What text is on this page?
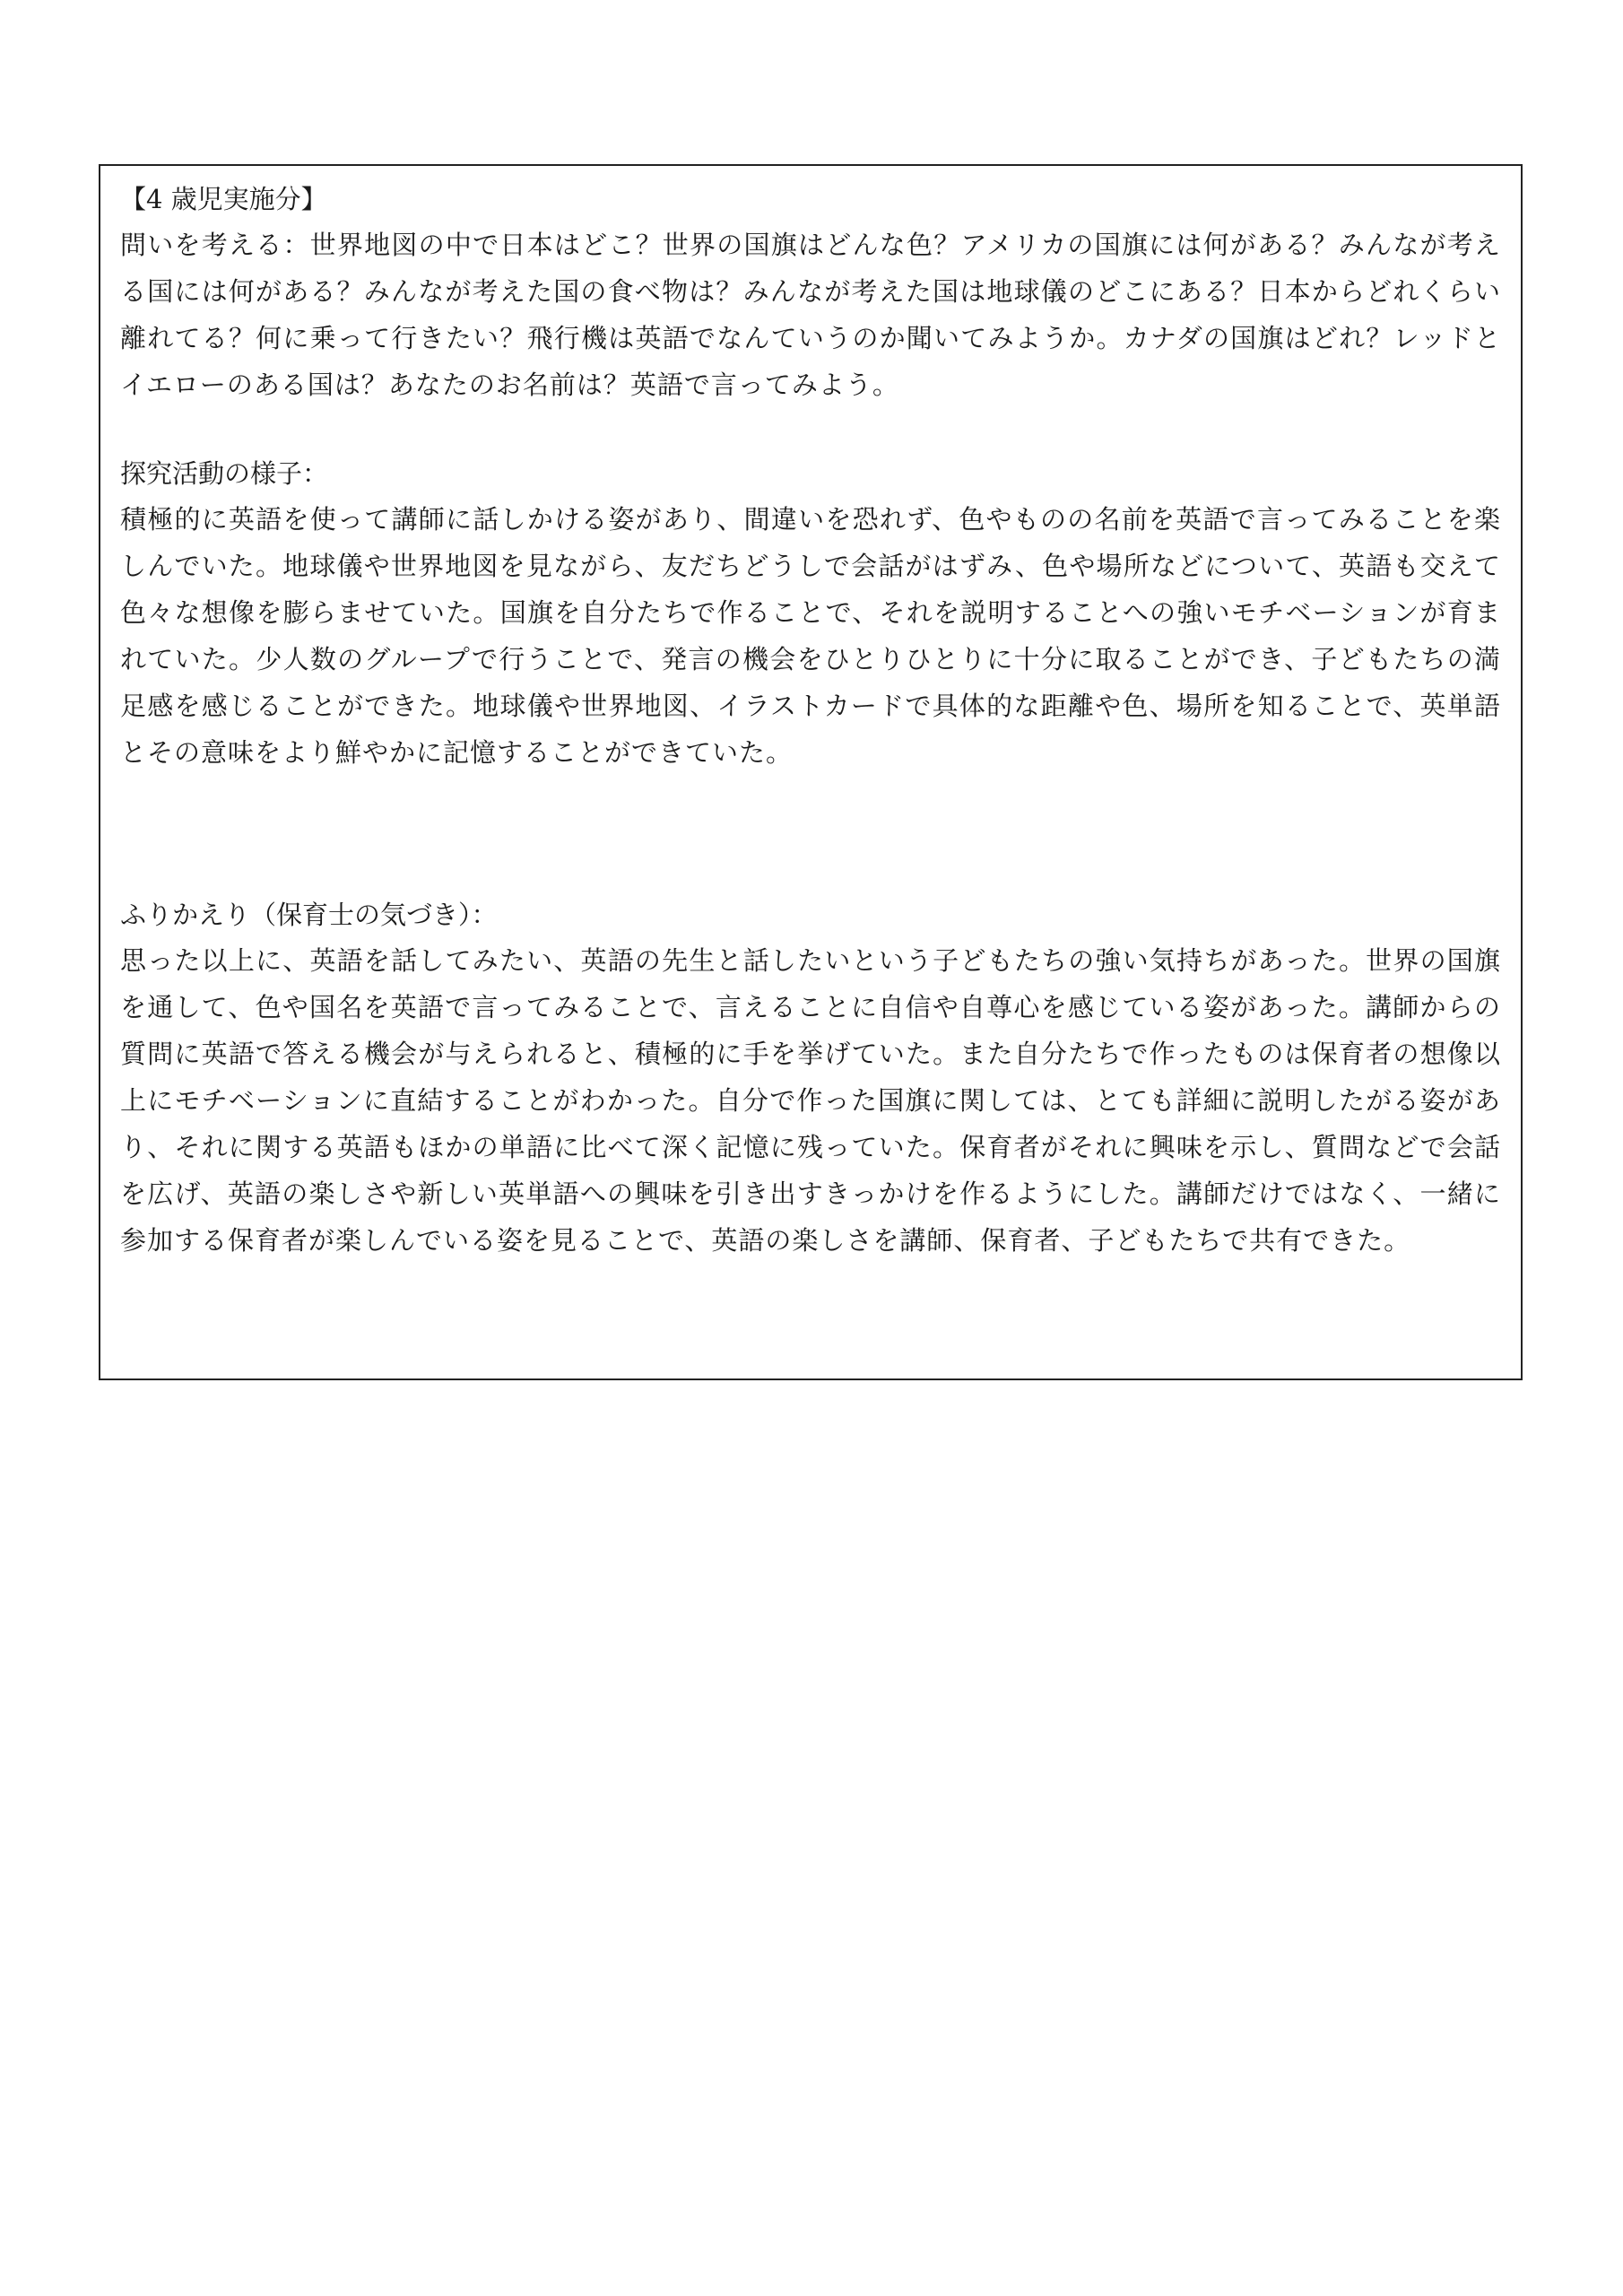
【4 歳児実施分】

問いを考える：世界地図の中で日本はどこ？世界の国旗はどんな色？アメリカの国旗には何がある？みんなが考える国には何がある？みんなが考えた国の食べ物は？みんなが考えた国は地球儀のどこにある？日本からどれくらい離れてる？何に乗って行きたい？飛行機は英語でなんていうのか聞いてみようか。カナダの国旗はどれ？レッドとイエローのある国は？あなたのお名前は？英語で言ってみよう。

探究活動の様子：

積極的に英語を使って講師に話しかける姿があり、間違いを恐れず、色やものの名前を英語で言ってみることを楽しんでいた。地球儀や世界地図を見ながら、友だちどうしで会話がはずみ、色や場所などについて、英語も交えて色々な想像を膨らませていた。国旗を自分たちで作ることで、それを説明することへの強いモチベーションが育まれていた。少人数のグループで行うことで、発言の機会をひとりひとりに十分に取ることができ、子どもたちの満足感を感じることができた。地球儀や世界地図、イラストカードで具体的な距離や色、場所を知ることで、英単語とその意味をより鮮やかに記憶することができていた。

ふりかえり（保育士の気づき）：

思った以上に、英語を話してみたい、英語の先生と話したいという子どもたちの強い気持ちがあった。世界の国旗を通して、色や国名を英語で言ってみることで、言えることに自信や自尊心を感じている姿があった。講師からの質問に英語で答える機会が与えられると、積極的に手を挙げていた。また自分たちで作ったものは保育者の想像以上にモチベーションに直結することがわかった。自分で作った国旗に関しては、とても詳細に説明したがる姿があり、それに関する英語もほかの単語に比べて深く記憶に残っていた。保育者がそれに興味を示し、質問などで会話を広げ、英語の楽しさや新しい英単語への興味を引き出すきっかけを作るようにした。講師だけではなく、一緒に参加する保育者が楽しんでいる姿を見ることで、英語の楽しさを講師、保育者、子どもたちで共有できた。
